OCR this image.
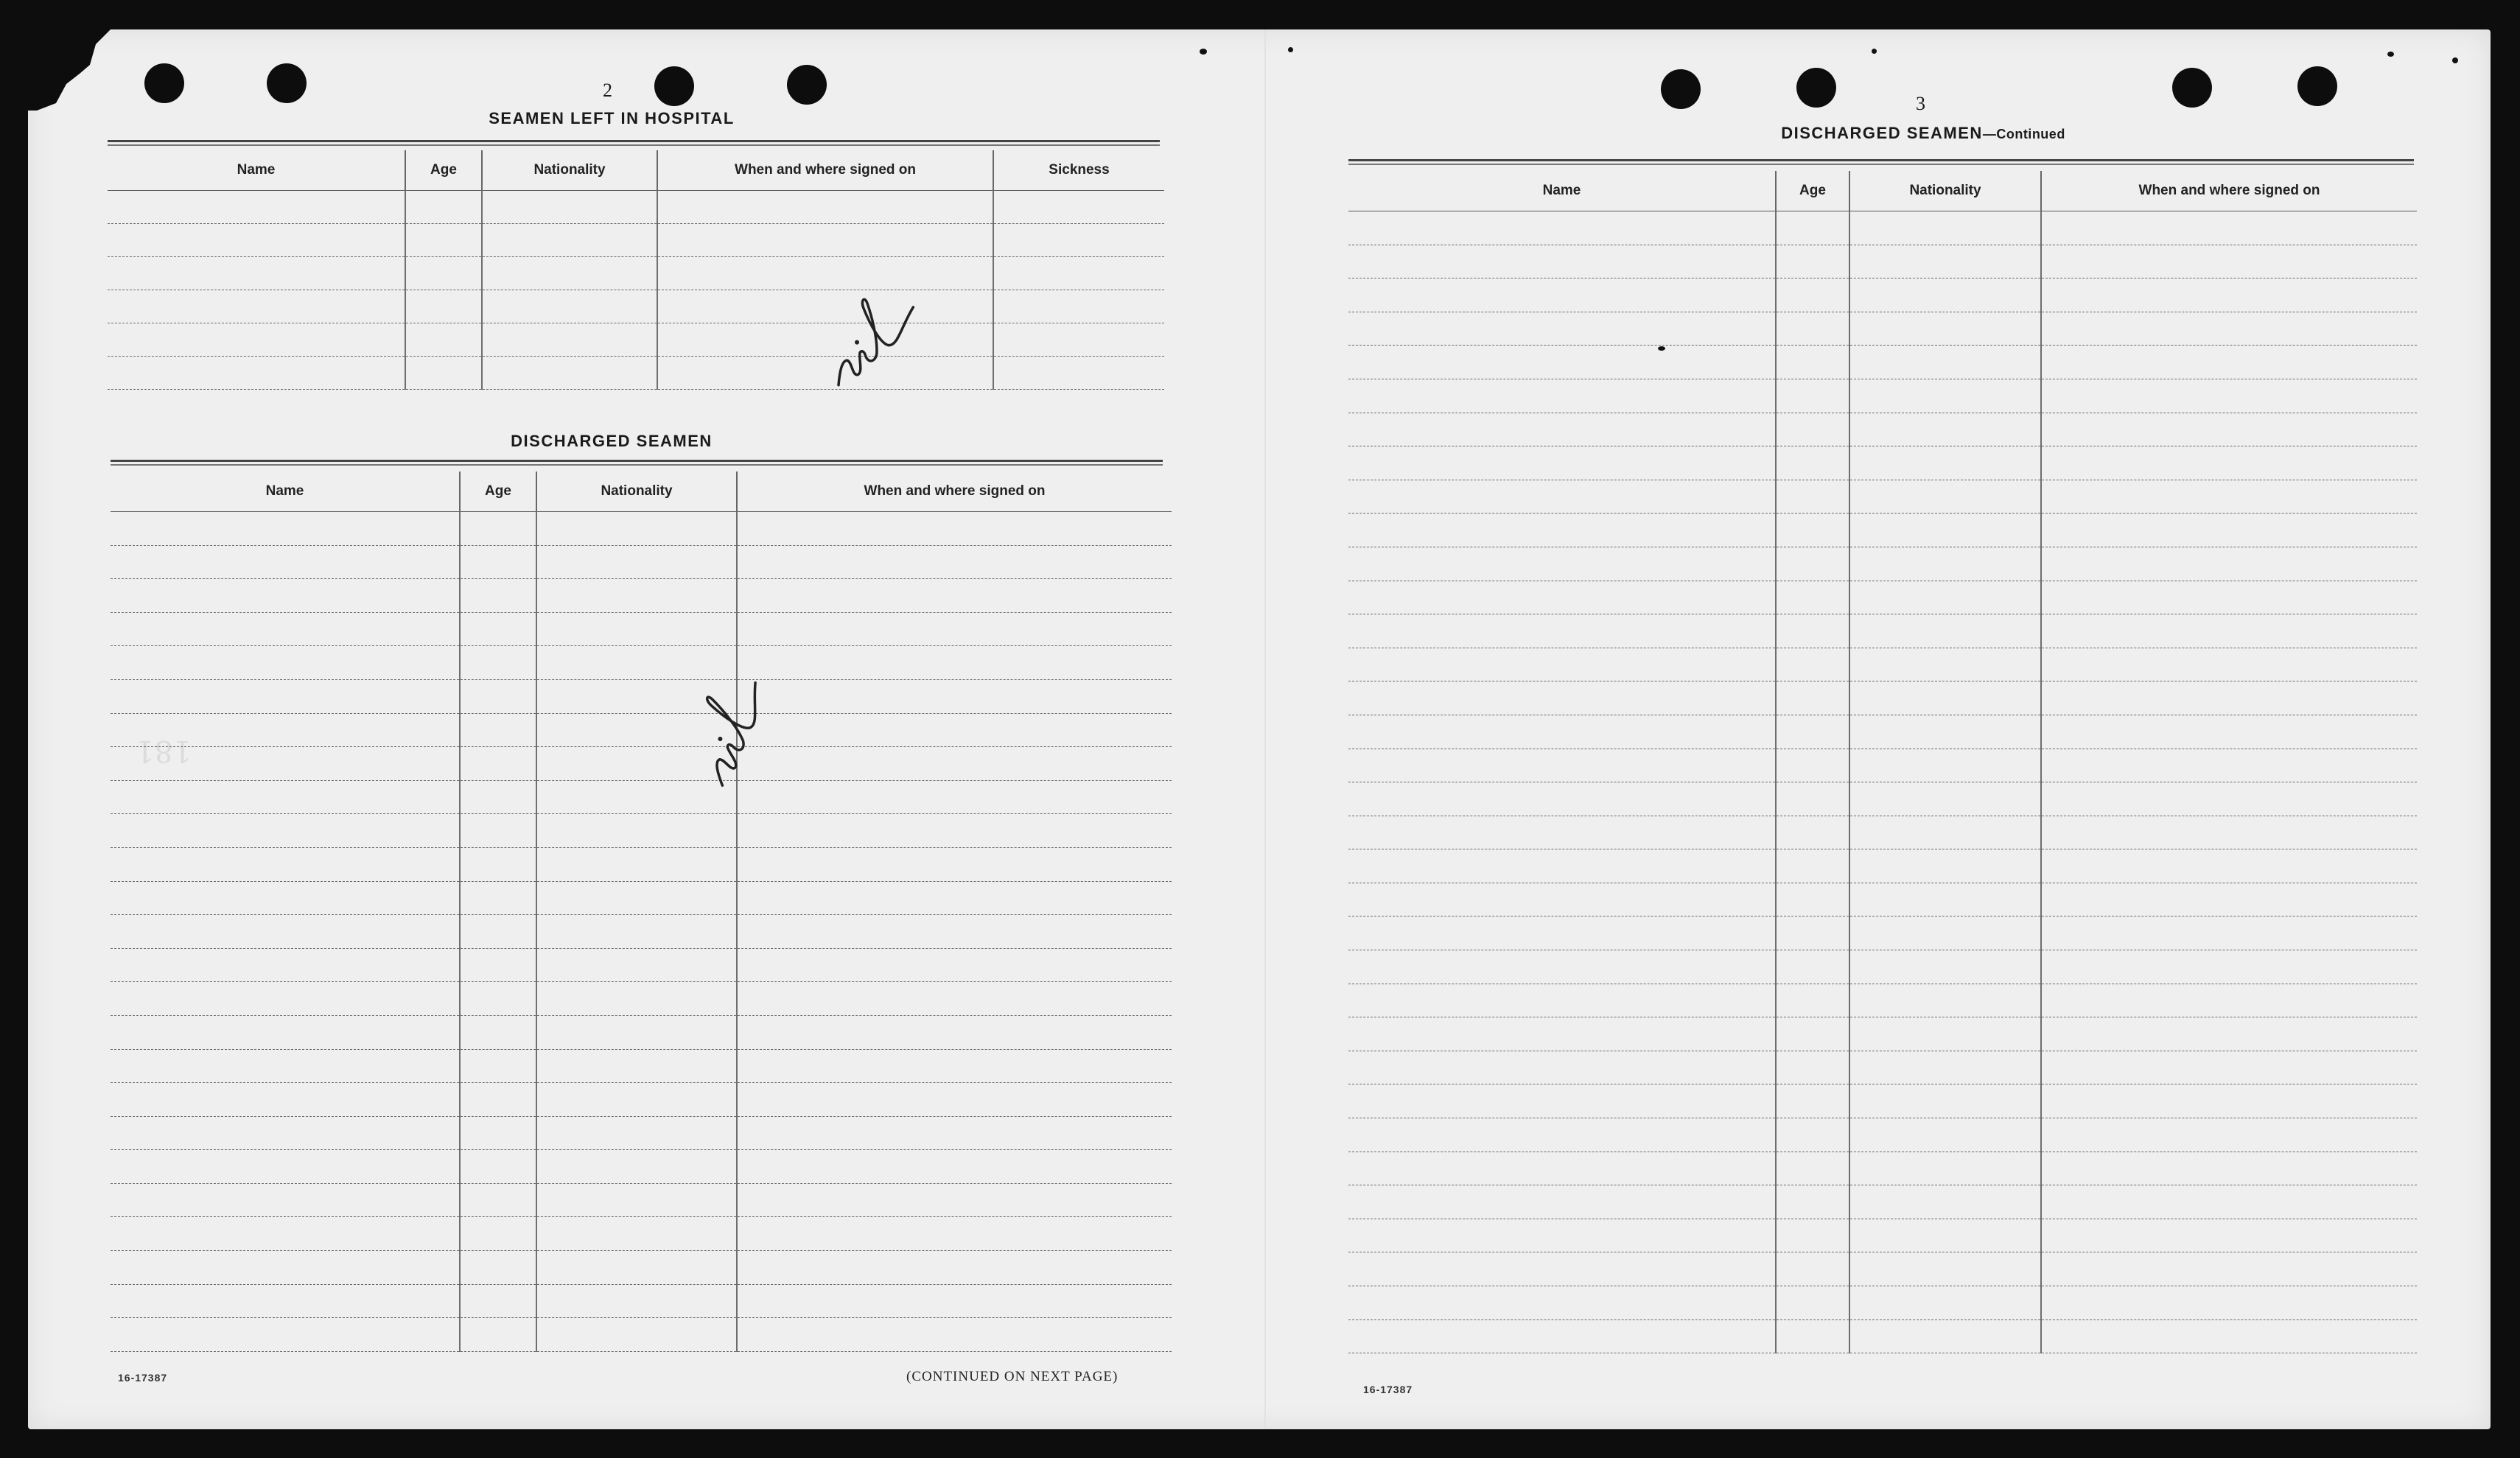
181
2
SEAMEN LEFT IN HOSPITAL
Name	Age	Nationality	When and where signed on	Sickness

DISCHARGED SEAMEN
Name	Age	Nationality	When and where signed on

16-17387	(CONTINUED ON NEXT PAGE)
3
DISCHARGED SEAMEN—Continued
Name	Age	Nationality	When and where signed on

16-17387
